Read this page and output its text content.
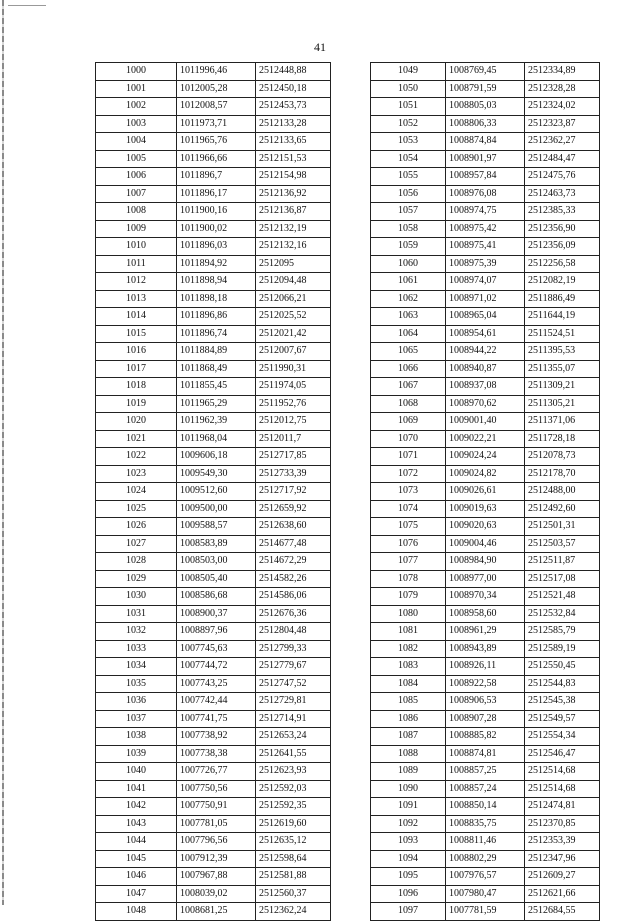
41
1000	1011996,46	2512448,88
1001	1012005,28	2512450,18
1002	1012008,57	2512453,73
1003	1011973,71	2512133,28
1004	1011965,76	2512133,65
1005	1011966,66	2512151,53
1006	1011896,7	2512154,98
1007	1011896,17	2512136,92
1008	1011900,16	2512136,87
1009	1011900,02	2512132,19
1010	1011896,03	2512132,16
1011	1011894,92	2512095
1012	1011898,94	2512094,48
1013	1011898,18	2512066,21
1014	1011896,86	2512025,52
1015	1011896,74	2512021,42
1016	1011884,89	2512007,67
1017	1011868,49	2511990,31
1018	1011855,45	2511974,05
1019	1011965,29	2511952,76
1020	1011962,39	2512012,75
1021	1011968,04	2512011,7
1022	1009606,18	2512717,85
1023	1009549,30	2512733,39
1024	1009512,60	2512717,92
1025	1009500,00	2512659,92
1026	1009588,57	2512638,60
1027	1008583,89	2514677,48
1028	1008503,00	2514672,29
1029	1008505,40	2514582,26
1030	1008586,68	2514586,06
1031	1008900,37	2512676,36
1032	1008897,96	2512804,48
1033	1007745,63	2512799,33
1034	1007744,72	2512779,67
1035	1007743,25	2512747,52
1036	1007742,44	2512729,81
1037	1007741,75	2512714,91
1038	1007738,92	2512653,24
1039	1007738,38	2512641,55
1040	1007726,77	2512623,93
1041	1007750,56	2512592,03
1042	1007750,91	2512592,35
1043	1007781,05	2512619,60
1044	1007796,56	2512635,12
1045	1007912,39	2512598,64
1046	1007967,88	2512581,88
1047	1008039,02	2512560,37
1048	1008681,25	2512362,24
1049	1008769,45	2512334,89
1050	1008791,59	2512328,28
1051	1008805,03	2512324,02
1052	1008806,33	2512323,87
1053	1008874,84	2512362,27
1054	1008901,97	2512484,47
1055	1008957,84	2512475,76
1056	1008976,08	2512463,73
1057	1008974,75	2512385,33
1058	1008975,42	2512356,90
1059	1008975,41	2512356,09
1060	1008975,39	2512256,58
1061	1008974,07	2512082,19
1062	1008971,02	2511886,49
1063	1008965,04	2511644,19
1064	1008954,61	2511524,51
1065	1008944,22	2511395,53
1066	1008940,87	2511355,07
1067	1008937,08	2511309,21
1068	1008970,62	2511305,21
1069	1009001,40	2511371,06
1070	1009022,21	2511728,18
1071	1009024,24	2512078,73
1072	1009024,82	2512178,70
1073	1009026,61	2512488,00
1074	1009019,63	2512492,60
1075	1009020,63	2512501,31
1076	1009004,46	2512503,57
1077	1008984,90	2512511,87
1078	1008977,00	2512517,08
1079	1008970,34	2512521,48
1080	1008958,60	2512532,84
1081	1008961,29	2512585,79
1082	1008943,89	2512589,19
1083	1008926,11	2512550,45
1084	1008922,58	2512544,83
1085	1008906,53	2512545,38
1086	1008907,28	2512549,57
1087	1008885,82	2512554,34
1088	1008874,81	2512546,47
1089	1008857,25	2512514,68
1090	1008857,24	2512514,68
1091	1008850,14	2512474,81
1092	1008835,75	2512370,85
1093	1008811,46	2512353,39
1094	1008802,29	2512347,96
1095	1007976,57	2512609,27
1096	1007980,47	2512621,66
1097	1007781,59	2512684,55
